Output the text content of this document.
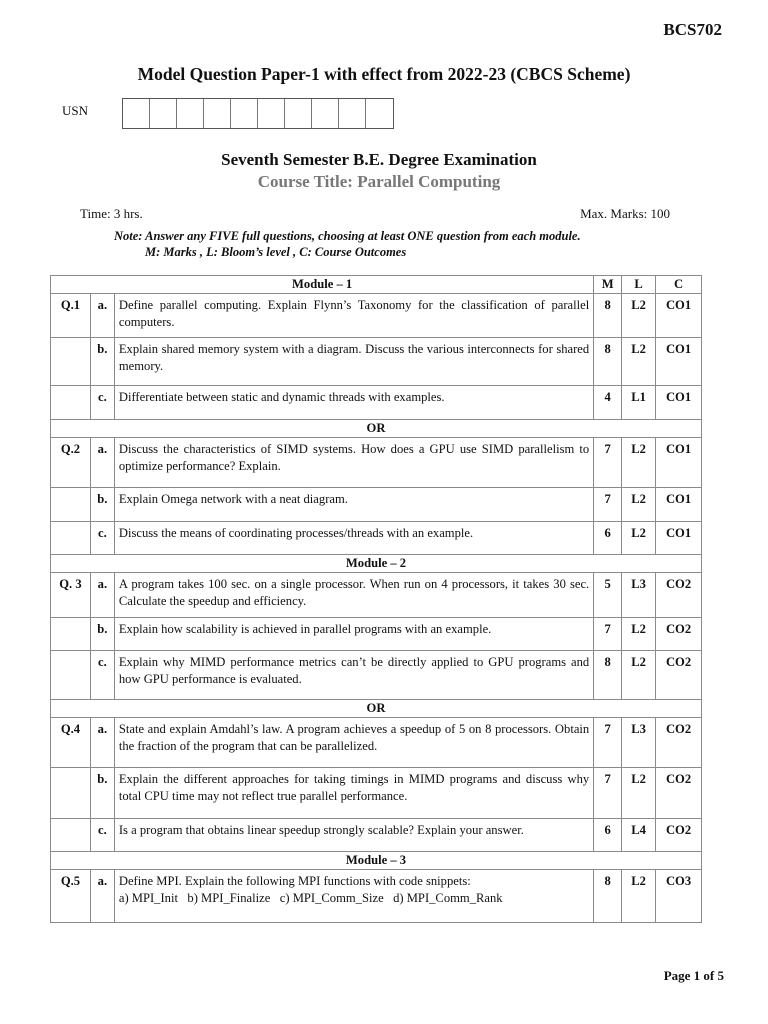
BCS702
Model Question Paper-1 with effect from 2022-23 (CBCS Scheme)
USN
Seventh Semester B.E. Degree Examination
Course Title: Parallel Computing
Time: 3 hrs.	Max. Marks: 100
Note: Answer any FIVE full questions, choosing at least ONE question from each module.
M: Marks , L: Bloom’s level , C: Course Outcomes
Module – 1			M	L	C
Q.1	a.	Define parallel computing. Explain Flynn’s Taxonomy for the classification of parallel computers.	8	L2	CO1
	b.	Explain shared memory system with a diagram. Discuss the various interconnects for shared memory.	8	L2	CO1
	c.	Differentiate between static and dynamic threads with examples.	4	L1	CO1
OR					
Q.2	a.	Discuss the characteristics of SIMD systems. How does a GPU use SIMD parallelism to optimize performance? Explain.	7	L2	CO1
	b.	Explain Omega network with a neat diagram.	7	L2	CO1
	c.	Discuss the means of coordinating processes/threads with an example.	6	L2	CO1
Module – 2					
Q. 3	a.	A program takes 100 sec. on a single processor. When run on 4 processors, it takes 30 sec. Calculate the speedup and efficiency.	5	L3	CO2
	b.	Explain how scalability is achieved in parallel programs with an example.	7	L2	CO2
	c.	Explain why MIMD performance metrics can’t be directly applied to GPU programs and how GPU performance is evaluated.	8	L2	CO2
OR					
Q.4	a.	State and explain Amdahl’s law. A program achieves a speedup of 5 on 8 processors. Obtain the fraction of the program that can be parallelized.	7	L3	CO2
	b.	Explain the different approaches for taking timings in MIMD programs and discuss why total CPU time may not reflect true parallel performance.	7	L2	CO2
	c.	Is a program that obtains linear speedup strongly scalable? Explain your answer.	6	L4	CO2
Module – 3					
Q.5	a.	Define MPI. Explain the following MPI functions with code snippets:
a) MPI_Init   b) MPI_Finalize   c) MPI_Comm_Size   d) MPI_Comm_Rank	8	L2	CO3
Page 1 of 5
